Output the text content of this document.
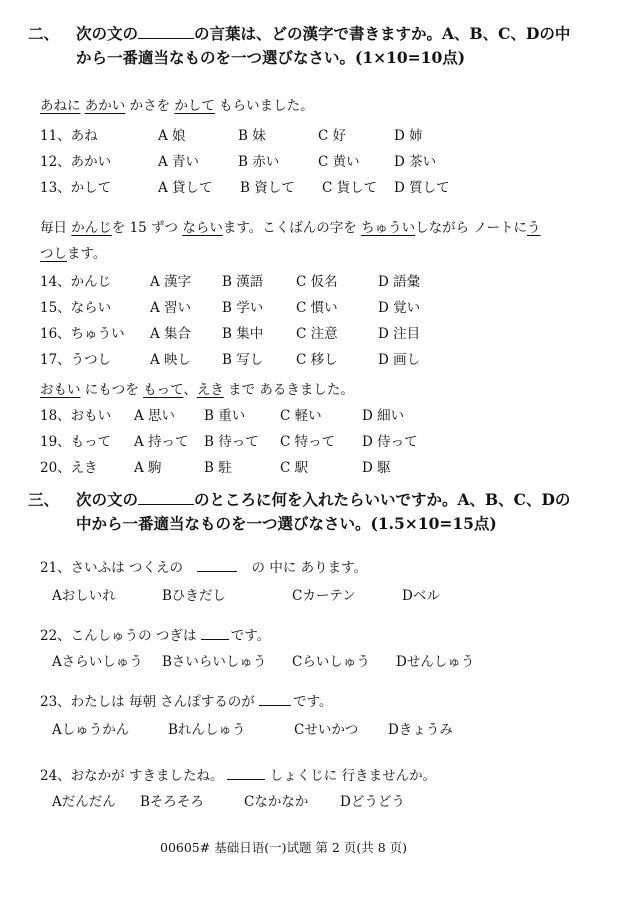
二、 次の文の	の言葉は、どの漢字で書きますか。A、B、C、Dの中
から一番適当なものを一つ選びなさい。(1×10=10点)
あねに あかい かさを かして もらいました。
11、あね	A 娘	B 妹	C 好	D 姉
12、あかい	A 青い	B 赤い	C 黄い	D 茶い
13、かして	A 貸して B 資して C 貨して D 質して
毎日 かんじを 15 ずつ ならいます。こくばんの字を ちゅういしながら ノートにう
つします。
14、かんじ	A 漢字 B 漢語 C 仮名	D 語彙
15、ならい	A 習い B 学い C 慣い	D 覚い
16、ちゅうい A 集合 B 集中 C 注意	D 注目
17、うつし	A 映し B 写し C 移し	D 画し
おもい にもつを もって、えき まで あるきました。
18、おもい A 思い B 重い	C 軽い	D 細い
19、もって A 持って B 待って C 特って D 侍って
20、えき	A 駒	B 駐	C 駅	D 駆
三、 次の文の	のところに何を入れたらいいですか。A、B、C、Dの
中から一番適当なものを一つ選びなさい。(1.5×10=15点)
21、さいふは つくえの	の 中に あります。
Aおしいれ	Bひきだし	Cカーテン	Dベル
22、こんしゅうの つぎは です。
Aさらいしゅう Bさいらいしゅう Cらいしゅう Dせんしゅう
23、わたしは 毎朝 さんぽするのが	です。
Aしゅうかん	Bれんしゅう	Cせいかつ Dきょうみ
24、おなかが すきましたね。	しょくじに 行きませんか。
Aだんだん Bそろそろ	Cなかなか Dどうどう
00605# 基础日语(一)试题 第 2 页(共 8 页)
